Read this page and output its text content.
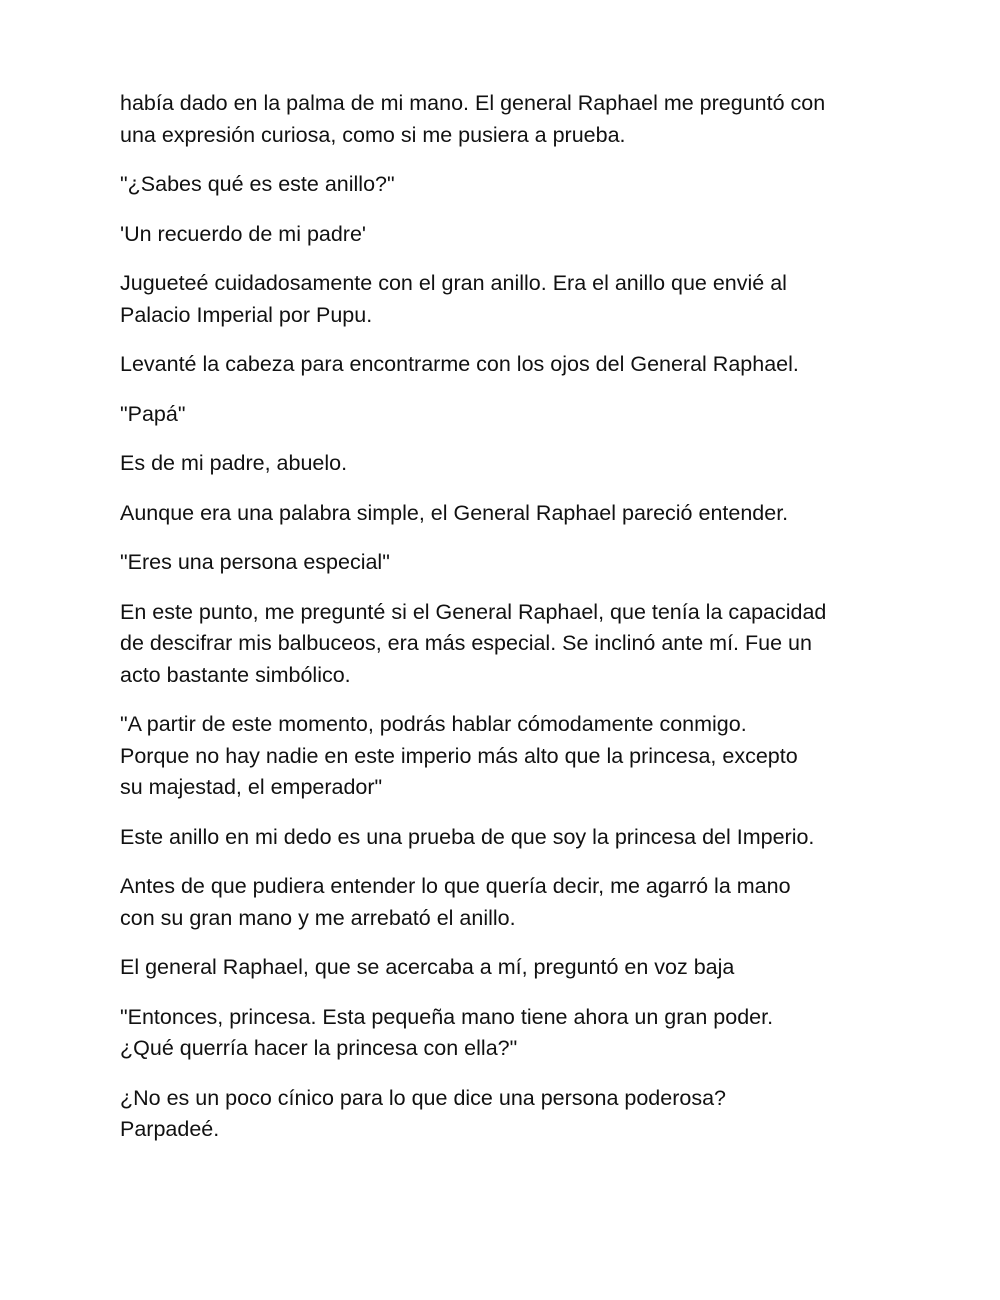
había dado en la palma de mi mano. El general Raphael me preguntó con
una expresión curiosa, como si me pusiera a prueba.

"¿Sabes qué es este anillo?"

'Un recuerdo de mi padre'

Jugueteé cuidadosamente con el gran anillo. Era el anillo que envié al
Palacio Imperial por Pupu.

Levanté la cabeza para encontrarme con los ojos del General Raphael.

"Papá"

Es de mi padre, abuelo.

Aunque era una palabra simple, el General Raphael pareció entender.

"Eres una persona especial"

En este punto, me pregunté si el General Raphael, que tenía la capacidad
de descifrar mis balbuceos, era más especial. Se inclinó ante mí. Fue un
acto bastante simbólico.

"A partir de este momento, podrás hablar cómodamente conmigo.
Porque no hay nadie en este imperio más alto que la princesa, excepto
su majestad, el emperador"

Este anillo en mi dedo es una prueba de que soy la princesa del Imperio.

Antes de que pudiera entender lo que quería decir, me agarró la mano
con su gran mano y me arrebató el anillo.

El general Raphael, que se acercaba a mí, preguntó en voz baja

"Entonces, princesa. Esta pequeña mano tiene ahora un gran poder.
¿Qué querría hacer la princesa con ella?"

¿No es un poco cínico para lo que dice una persona poderosa?
Parpadeé.
